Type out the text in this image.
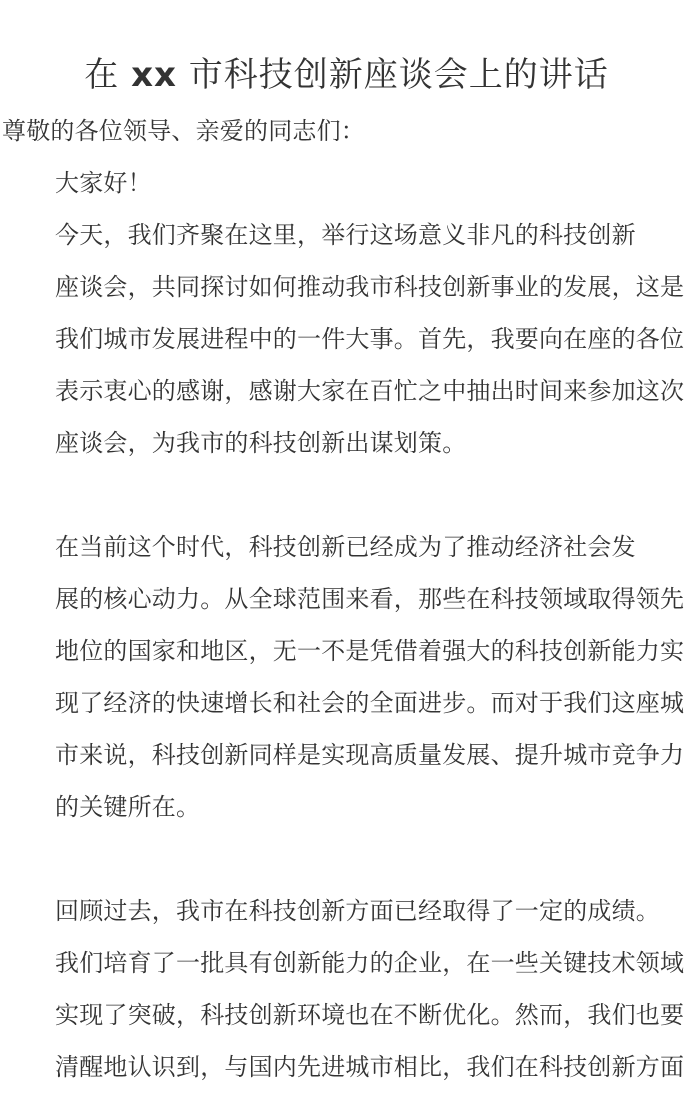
在 xx 市科技创新座谈会上的讲话

尊敬的各位领导、亲爱的同志们：

大家好！

今天，我们齐聚在这里，举行这场意义非凡的科技创新
座谈会，共同探讨如何推动我市科技创新事业的发展，这是
我们城市发展进程中的一件大事。首先，我要向在座的各位
表示衷心的感谢，感谢大家在百忙之中抽出时间来参加这次
座谈会，为我市的科技创新出谋划策。

在当前这个时代，科技创新已经成为了推动经济社会发
展的核心动力。从全球范围来看，那些在科技领域取得领先
地位的国家和地区，无一不是凭借着强大的科技创新能力实
现了经济的快速增长和社会的全面进步。而对于我们这座城
市来说，科技创新同样是实现高质量发展、提升城市竞争力
的关键所在。

回顾过去，我市在科技创新方面已经取得了一定的成绩。
我们培育了一批具有创新能力的企业，在一些关键技术领域
实现了突破，科技创新环境也在不断优化。然而，我们也要
清醒地认识到，与国内先进城市相比，我们在科技创新方面
